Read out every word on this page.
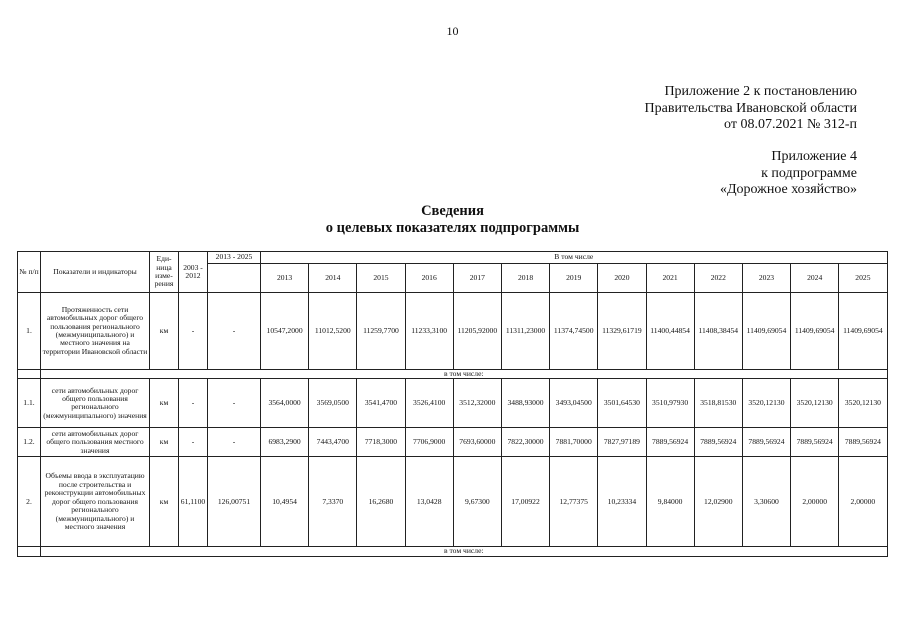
10
Приложение 2 к постановлению
Правительства Ивановской области
от 08.07.2021 № 312-п
Приложение 4
к подпрограмме
«Дорожное хозяйство»
Сведения
о целевых показателях подпрограммы
№ п/п	Показатели и индикаторы	Еди-ница изме-рения	2003 - 2012	2013 - 2025	В том числе												
					2013	2014	2015	2016	2017	2018	2019	2020	2021	2022	2023	2024	2025
1.	Протяженность сети автомобильных дорог общего пользования регионального (межмуниципального) и местного значения на территории Ивановской области	км	-	-	10547,2000	11012,5200	11259,7700	11233,3100	11205,92000	11311,23000	11374,74500	11329,61719	11400,44854	11408,38454	11409,69054	11409,69054	11409,69054
	в том числе:																
1.1.	сети автомобильных дорог общего пользования регионального (межмуниципального) значения	км	-	-	3564,0000	3569,0500	3541,4700	3526,4100	3512,32000	3488,93000	3493,04500	3501,64530	3510,97930	3518,81530	3520,12130	3520,12130	3520,12130
1.2.	сети автомобильных дорог общего пользования местного значения	км	-	-	6983,2900	7443,4700	7718,3000	7706,9000	7693,60000	7822,30000	7881,70000	7827,97189	7889,56924	7889,56924	7889,56924	7889,56924	7889,56924
2.	Объемы ввода в эксплуатацию после строительства и реконструкции автомобильных дорог общего пользования регионального (межмуниципального) и местного значения	км	61,1100	126,00751	10,4954	7,3370	16,2680	13,0428	9,67300	17,00922	12,77375	10,23334	9,84000	12,02900	3,30600	2,00000	2,00000
	в том числе:																
